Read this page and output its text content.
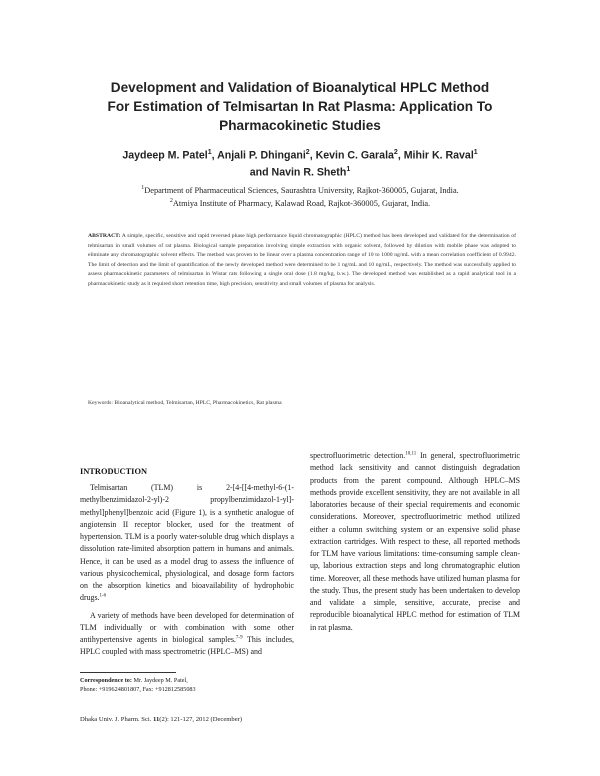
Development and Validation of Bioanalytical HPLC Method
For Estimation of Telmisartan In Rat Plasma: Application To
Pharmacokinetic Studies
Jaydeep M. Patel$^1$, Anjali P. Dhingani$^2$, Kevin C. Garala$^2$, Mihir K. Raval$^1$
and Navin R. Sheth$^1$
$^1$Department of Pharmaceutical Sciences, Saurashtra University, Rajkot-360005, Gujarat, India.
$^2$Atmiya Institute of Pharmacy, Kalawad Road, Rajkot-360005, Gujarat, India.
ABSTRACT: A simple, specific, sensitive and rapid reversed phase high performance liquid chromatographic (HPLC) method has been developed and validated for the determination of telmisartan in small volumes of rat plasma. Biological sample preparation involving simple extraction with organic solvent, followed by dilution with mobile phase was adopted to eliminate any chromatographic solvent effects. The method was proven to be linear over a plasma concentration range of 10 to 1000 ng/mL with a mean correlation coefficient of 0.9942. The limit of detection and the limit of quantification of the newly developed method were determined to be 1 ng/mL and 10 ng/mL, respectively. The method was successfully applied to assess pharmacokinetic parameters of telmisartan in Wistar rats following a single oral dose (1.8 mg/kg, b.w.). The developed method was established as a rapid analytical tool in a pharmacokinetic study as it required short retention time, high precision, sensitivity and small volumes of plasma for analysis.
Keywords: Bioanalytical method, Telmisartan, HPLC, Pharmacokinetics, Rat plasma
INTRODUCTION
Telmisartan (TLM) is 2-[4-[[4-methyl-6-(1-methylbenzimidazol-2-yl)-2 propylbenzimidazol-1-yl]-methyl]phenyl]benzoic acid (Figure 1), is a synthetic analogue of angiotensin II receptor blocker, used for the treatment of hypertension. TLM is a poorly water-soluble drug which displays a dissolution rate-limited absorption pattern in humans and animals. Hence, it can be used as a model drug to assess the influence of various physicochemical, physiological, and dosage form factors on the absorption kinetics and bioavailability of hydrophobic drugs.$^{1-6}$
A variety of methods have been developed for determination of TLM individually or with combination with some other antihypertensive agents in biological samples.$^{7-9}$ This includes, HPLC coupled with mass spectrometric (HPLC–MS) and
spectrofluorimetric detection.$^{10,11}$ In general, spectrofluorimetric method lack sensitivity and cannot distinguish degradation products from the parent compound. Although HPLC–MS methods provide excellent sensitivity, they are not available in all laboratories because of their special requirements and economic considerations. Moreover, spectrofluorimetric method utilized either a column switching system or an expensive solid phase extraction cartridges. With respect to these, all reported methods for TLM have various limitations: time-consuming sample clean-up, laborious extraction steps and long chromatographic elution time. Moreover, all these methods have utilized human plasma for the study. Thus, the present study has been undertaken to develop and validate a simple, sensitive, accurate, precise and reproducible bioanalytical HPLC method for estimation of TLM in rat plasma.
Correspondence to: Mr. Jaydeep M. Patel,
Phone: +919624801807, Fax: +912812585083
Dhaka Univ. J. Pharm. Sci. 11(2): 121-127, 2012 (December)
